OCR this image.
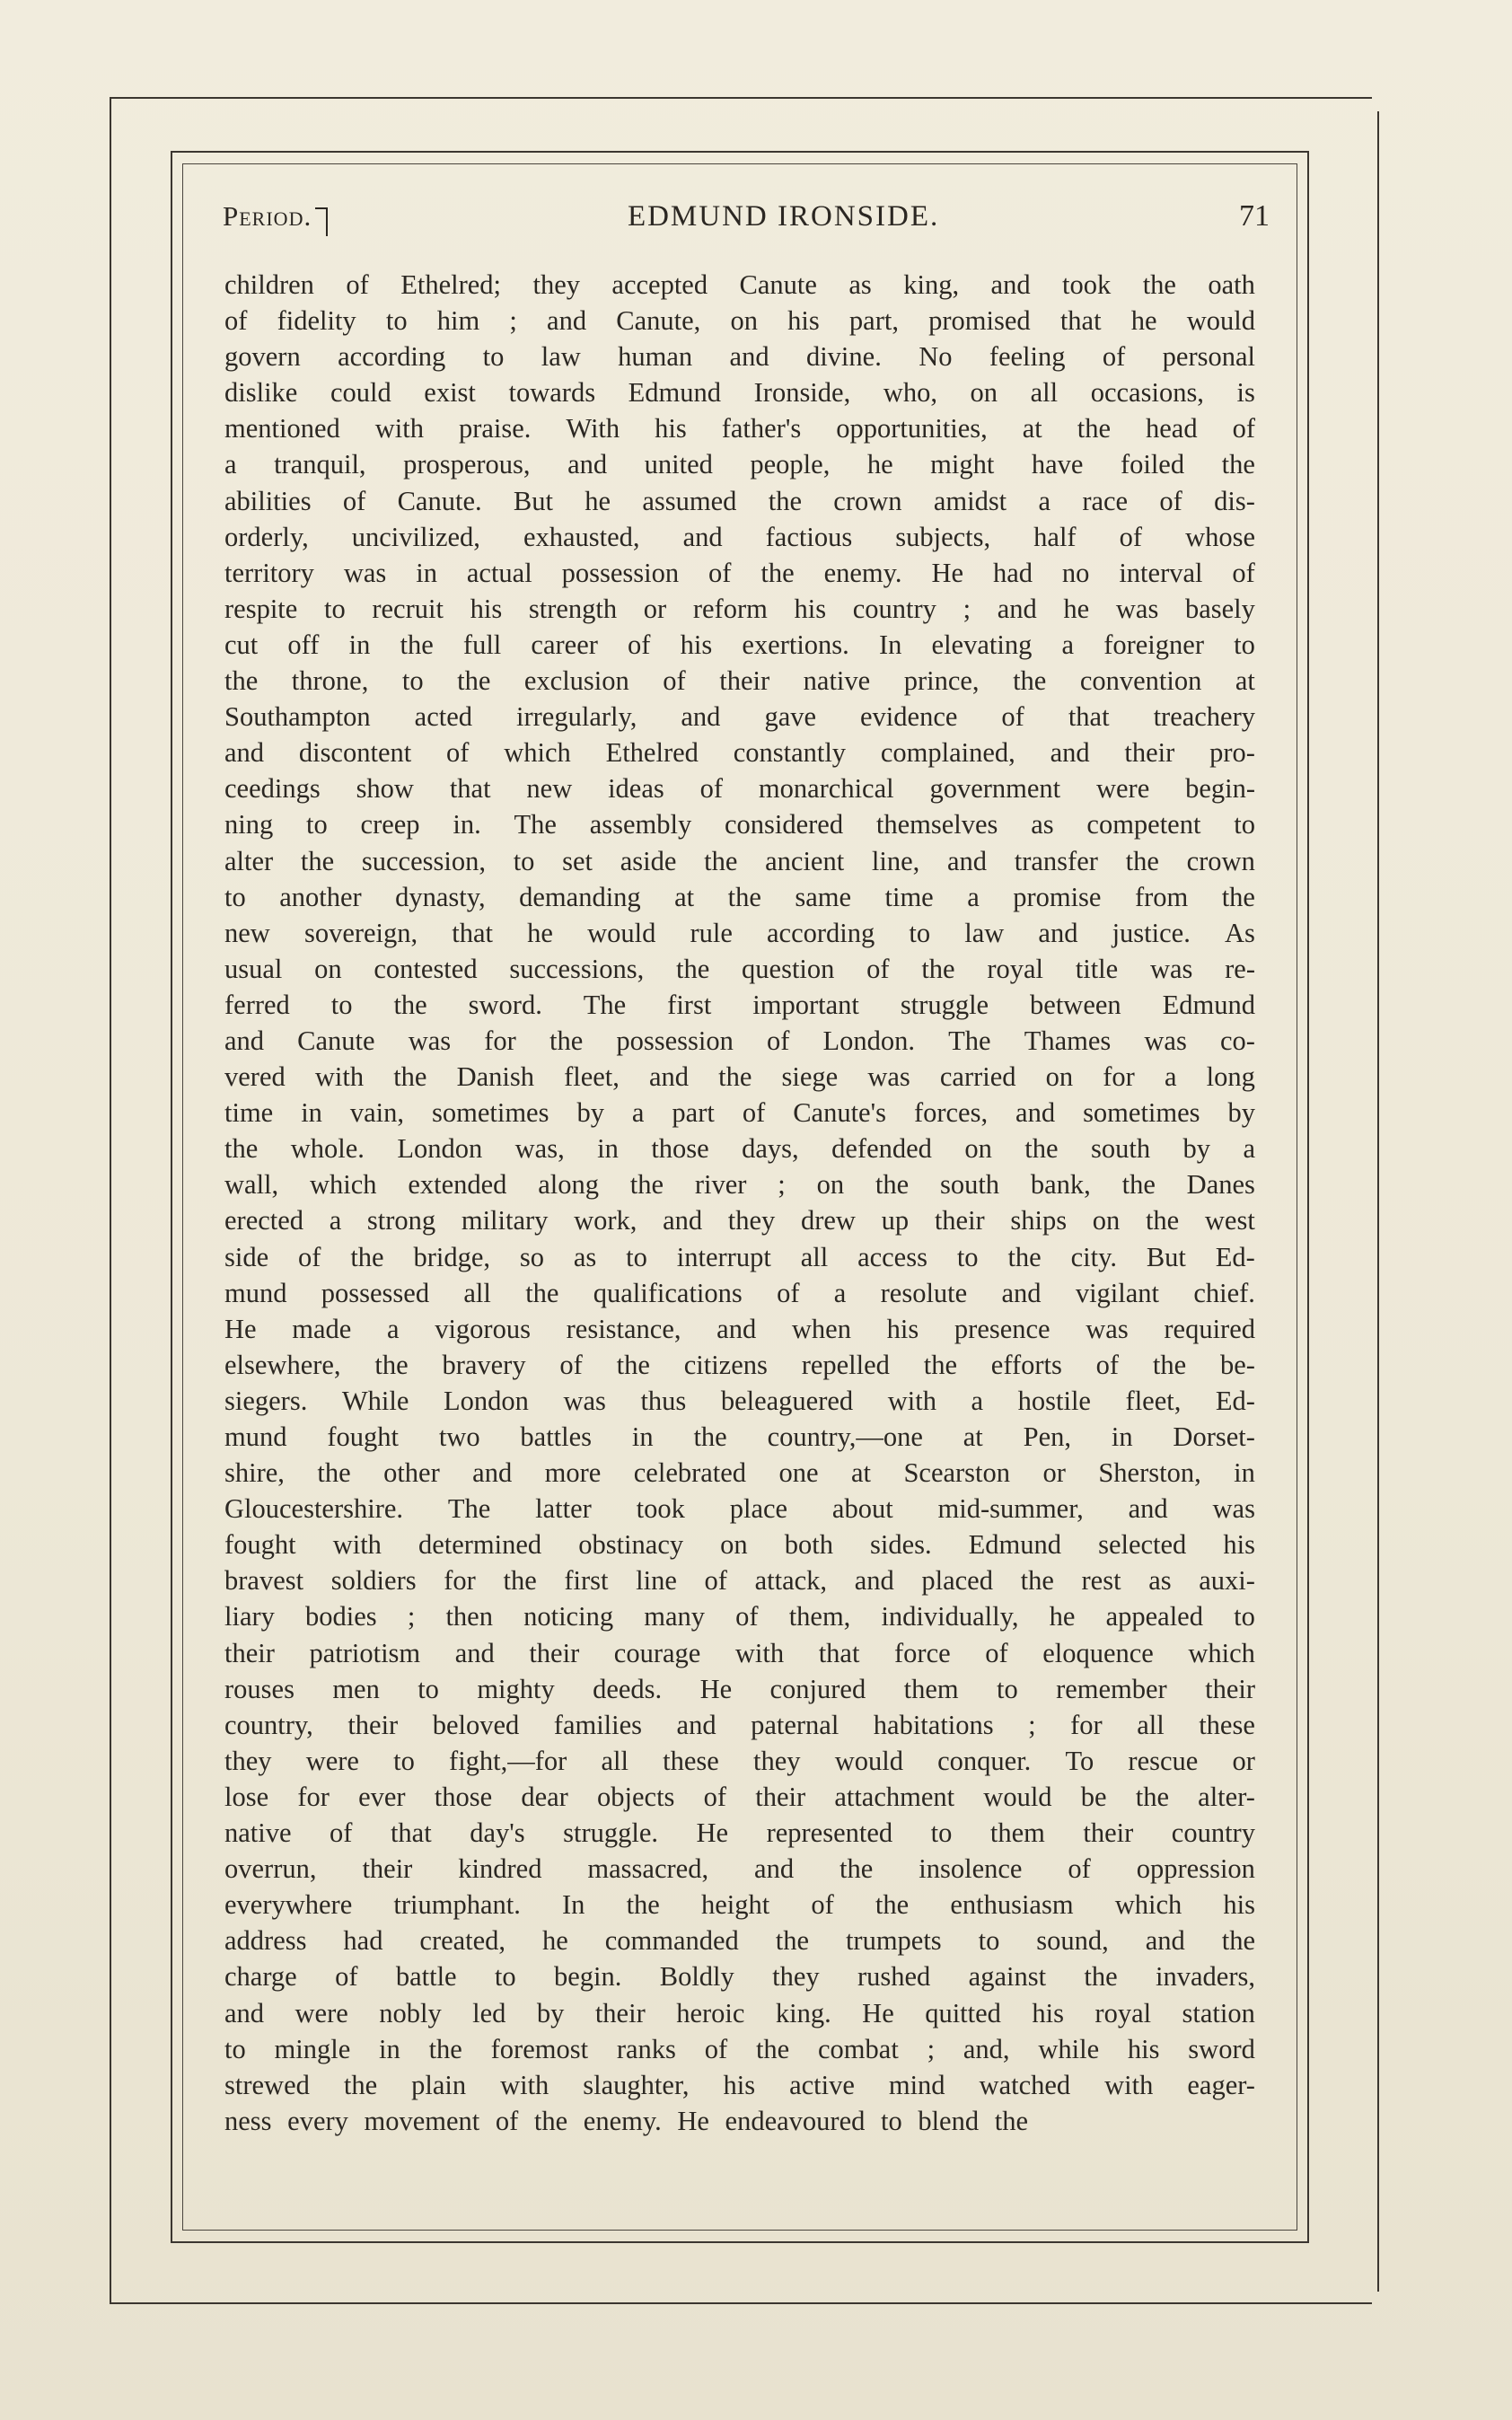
Period.	EDMUND IRONSIDE.	71
children of Ethelred; they accepted Canute as king, and took the oath
of fidelity to him ; and Canute, on his part, promised that he would
govern according to law human and divine. No feeling of personal
dislike could exist towards Edmund Ironside, who, on all occasions, is
mentioned with praise. With his father's opportunities, at the head of
a tranquil, prosperous, and united people, he might have foiled the
abilities of Canute. But he assumed the crown amidst a race of dis-
orderly, uncivilized, exhausted, and factious subjects, half of whose
territory was in actual possession of the enemy. He had no interval of
respite to recruit his strength or reform his country ; and he was basely
cut off in the full career of his exertions. In elevating a foreigner to
the throne, to the exclusion of their native prince, the convention at
Southampton acted irregularly, and gave evidence of that treachery
and discontent of which Ethelred constantly complained, and their pro-
ceedings show that new ideas of monarchical government were begin-
ning to creep in. The assembly considered themselves as competent to
alter the succession, to set aside the ancient line, and transfer the crown
to another dynasty, demanding at the same time a promise from the
new sovereign, that he would rule according to law and justice. As
usual on contested successions, the question of the royal title was re-
ferred to the sword. The first important struggle between Edmund
and Canute was for the possession of London. The Thames was co-
vered with the Danish fleet, and the siege was carried on for a long
time in vain, sometimes by a part of Canute's forces, and sometimes by
the whole. London was, in those days, defended on the south by a
wall, which extended along the river ; on the south bank, the Danes
erected a strong military work, and they drew up their ships on the west
side of the bridge, so as to interrupt all access to the city. But Ed-
mund possessed all the qualifications of a resolute and vigilant chief.
He made a vigorous resistance, and when his presence was required
elsewhere, the bravery of the citizens repelled the efforts of the be-
siegers. While London was thus beleaguered with a hostile fleet, Ed-
mund fought two battles in the country,—one at Pen, in Dorset-
shire, the other and more celebrated one at Scearston or Sherston, in
Gloucestershire. The latter took place about mid-summer, and was
fought with determined obstinacy on both sides. Edmund selected his
bravest soldiers for the first line of attack, and placed the rest as auxi-
liary bodies ; then noticing many of them, individually, he appealed to
their patriotism and their courage with that force of eloquence which
rouses men to mighty deeds. He conjured them to remember their
country, their beloved families and paternal habitations ; for all these
they were to fight,—for all these they would conquer. To rescue or
lose for ever those dear objects of their attachment would be the alter-
native of that day's struggle. He represented to them their country
overrun, their kindred massacred, and the insolence of oppression
everywhere triumphant. In the height of the enthusiasm which his
address had created, he commanded the trumpets to sound, and the
charge of battle to begin. Boldly they rushed against the invaders,
and were nobly led by their heroic king. He quitted his royal station
to mingle in the foremost ranks of the combat ; and, while his sword
strewed the plain with slaughter, his active mind watched with eager-
ness every movement of the enemy. He endeavoured to blend the
